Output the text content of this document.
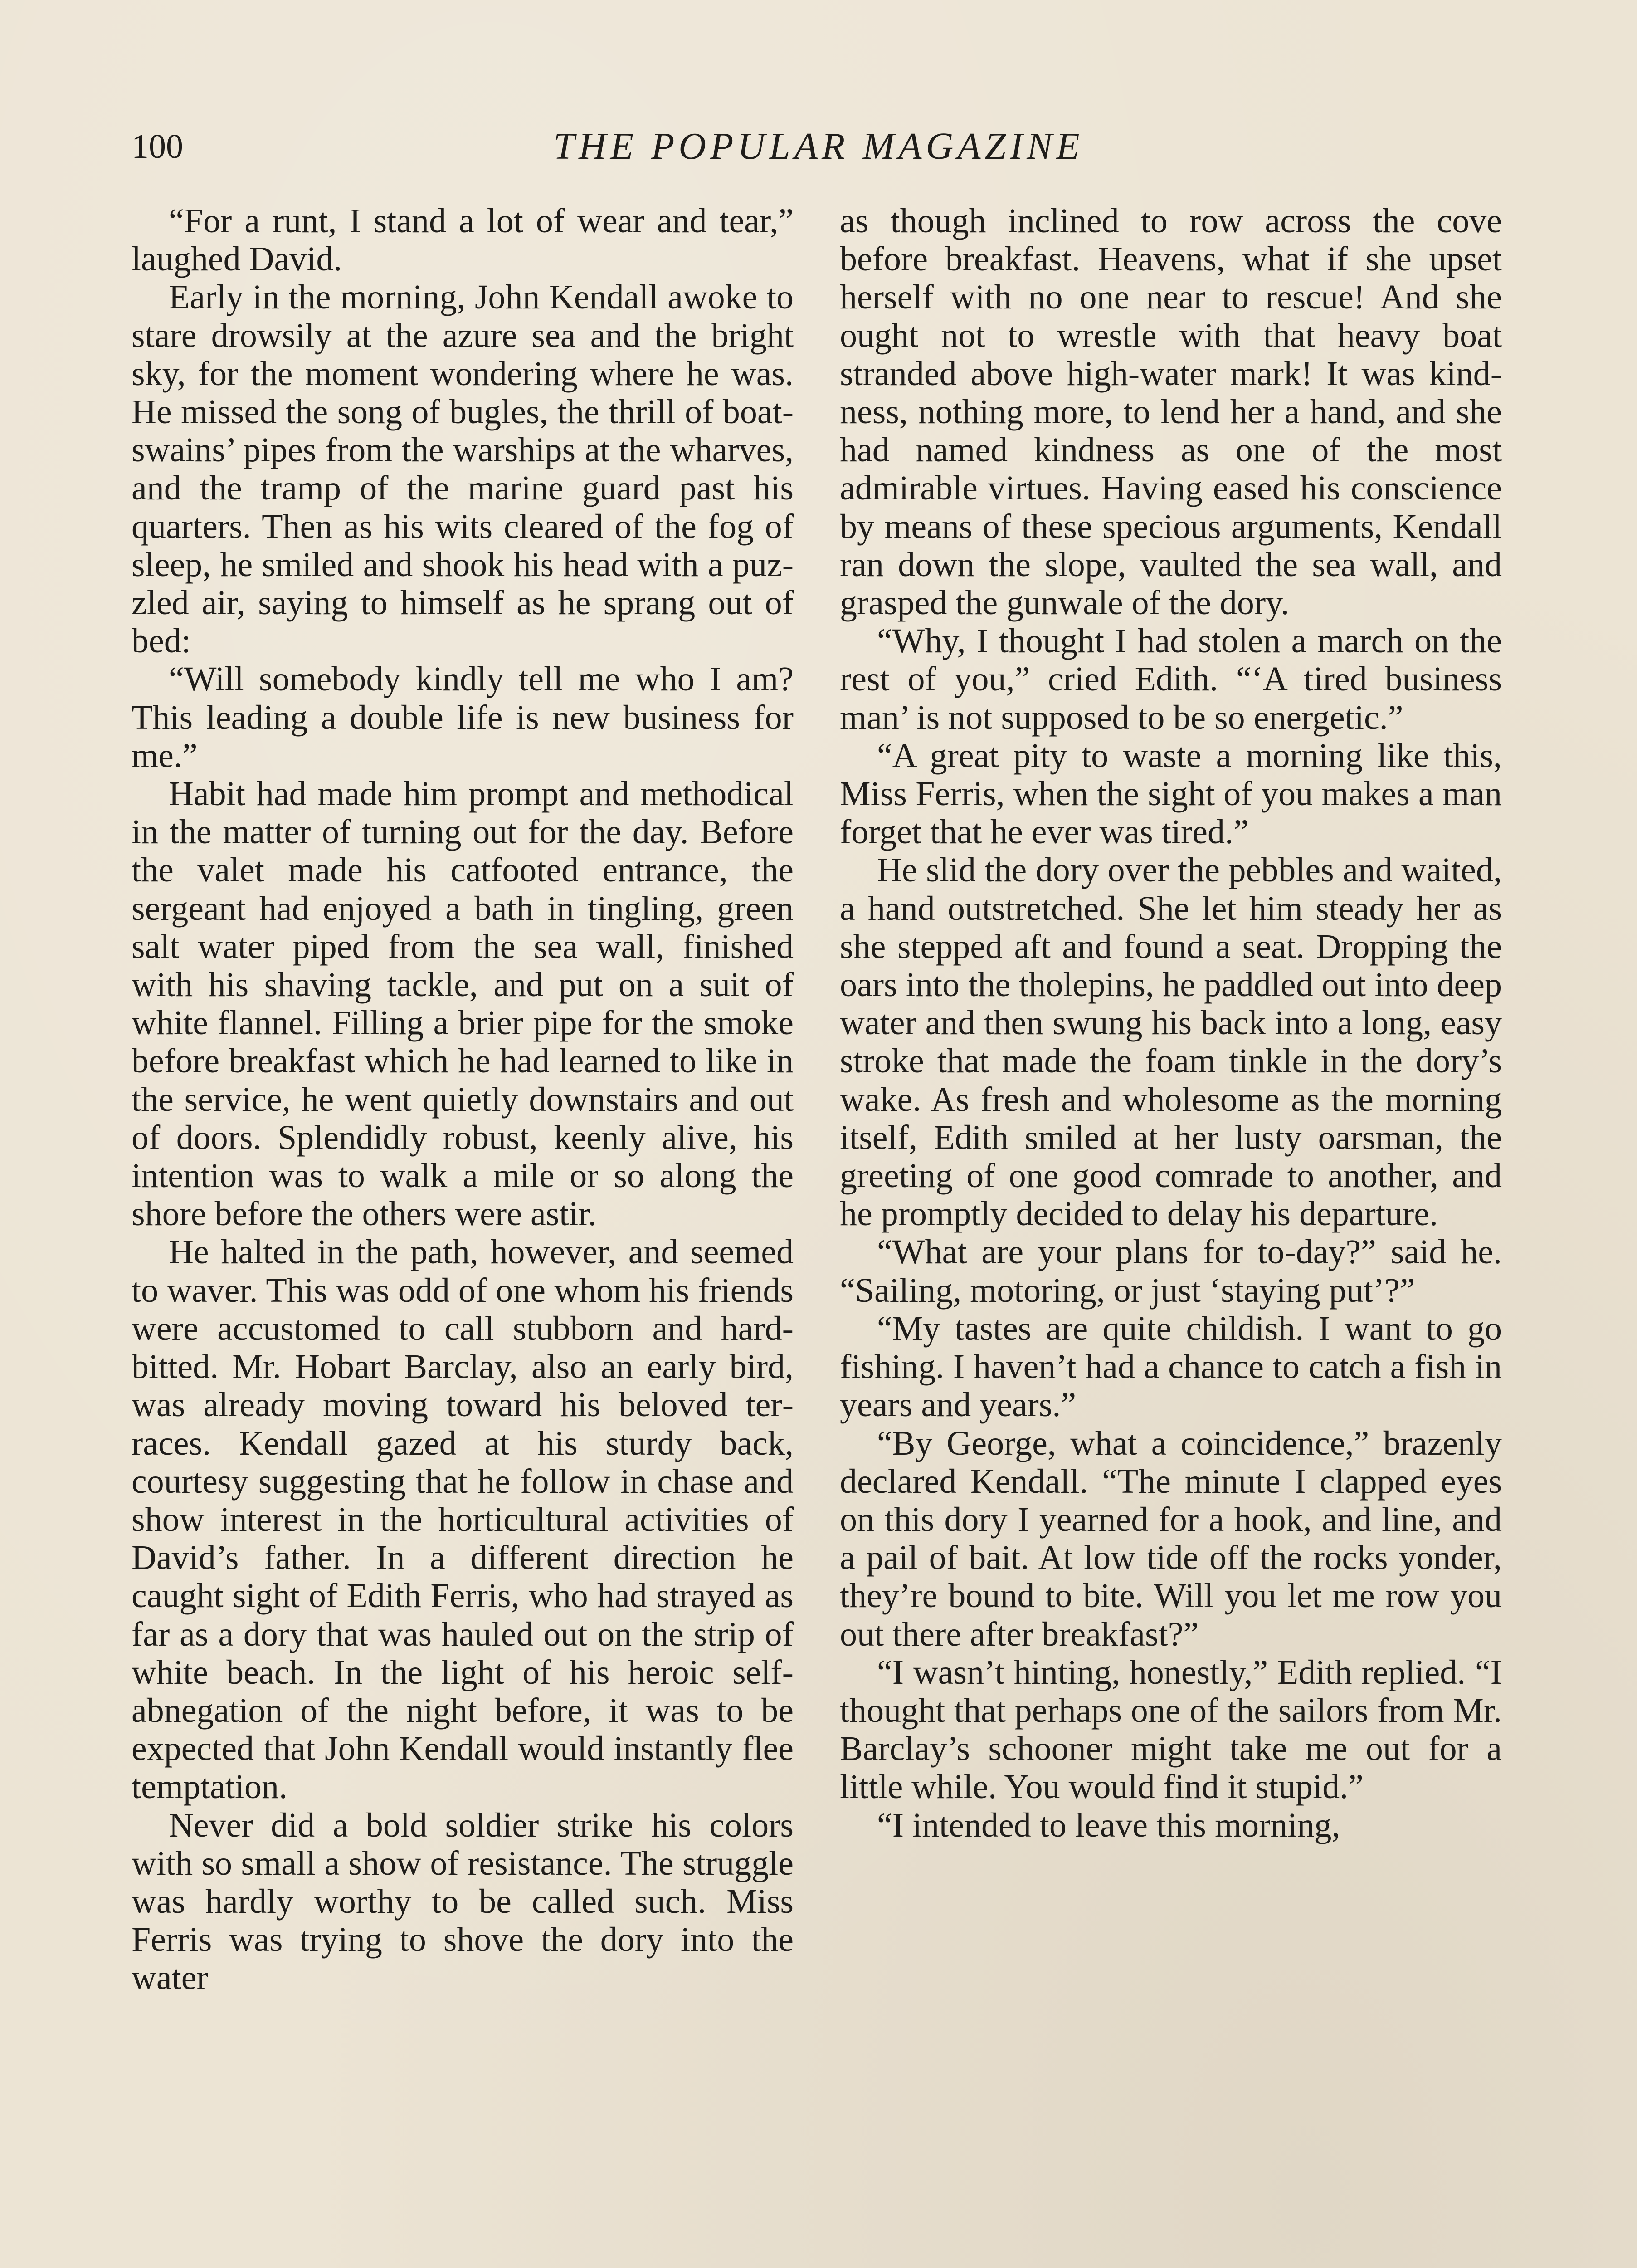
100	THE POPULAR MAGAZINE

“For a runt, I stand a lot of wear and tear,” laughed David.

Early in the morning, John Kendall awoke to stare drowsily at the azure sea and the bright sky, for the moment wondering where he was. He missed the song of bugles, the thrill of boatswains’ pipes from the warships at the wharves, and the tramp of the marine guard past his quarters. Then as his wits cleared of the fog of sleep, he smiled and shook his head with a puzzled air, saying to himself as he sprang out of bed:

“Will somebody kindly tell me who I am? This leading a double life is new business for me.”

Habit had made him prompt and methodical in the matter of turning out for the day. Before the valet made his catfooted entrance, the sergeant had enjoyed a bath in tingling, green salt water piped from the sea wall, finished with his shaving tackle, and put on a suit of white flannel. Filling a brier pipe for the smoke before breakfast which he had learned to like in the service, he went quietly downstairs and out of doors. Splendidly robust, keenly alive, his intention was to walk a mile or so along the shore before the others were astir.

He halted in the path, however, and seemed to waver. This was odd of one whom his friends were accustomed to call stubborn and hard-bitted. Mr. Hobart Barclay, also an early bird, was already moving toward his beloved terraces. Kendall gazed at his sturdy back, courtesy suggesting that he follow in chase and show interest in the horticultural activities of David’s father. In a different direction he caught sight of Edith Ferris, who had strayed as far as a dory that was hauled out on the strip of white beach. In the light of his heroic self-abnegation of the night before, it was to be expected that John Kendall would instantly flee temptation.

Never did a bold soldier strike his colors with so small a show of resistance. The struggle was hardly worthy to be called such. Miss Ferris was trying to shove the dory into the water

as though inclined to row across the cove before breakfast. Heavens, what if she upset herself with no one near to rescue! And she ought not to wrestle with that heavy boat stranded above high-water mark! It was kindness, nothing more, to lend her a hand, and she had named kindness as one of the most admirable virtues. Having eased his conscience by means of these specious arguments, Kendall ran down the slope, vaulted the sea wall, and grasped the gunwale of the dory.

“Why, I thought I had stolen a march on the rest of you,” cried Edith. “‘A tired business man’ is not supposed to be so energetic.”

“A great pity to waste a morning like this, Miss Ferris, when the sight of you makes a man forget that he ever was tired.”

He slid the dory over the pebbles and waited, a hand outstretched. She let him steady her as she stepped aft and found a seat. Dropping the oars into the tholepins, he paddled out into deep water and then swung his back into a long, easy stroke that made the foam tinkle in the dory’s wake. As fresh and wholesome as the morning itself, Edith smiled at her lusty oarsman, the greeting of one good comrade to another, and he promptly decided to delay his departure.

“What are your plans for to-day?” said he. “Sailing, motoring, or just ‘staying put’?”

“My tastes are quite childish. I want to go fishing. I haven’t had a chance to catch a fish in years and years.”

“By George, what a coincidence,” brazenly declared Kendall. “The minute I clapped eyes on this dory I yearned for a hook, and line, and a pail of bait. At low tide off the rocks yonder, they’re bound to bite. Will you let me row you out there after breakfast?”

“I wasn’t hinting, honestly,” Edith replied. “I thought that perhaps one of the sailors from Mr. Barclay’s schooner might take me out for a little while. You would find it stupid.”

“I intended to leave this morning,
